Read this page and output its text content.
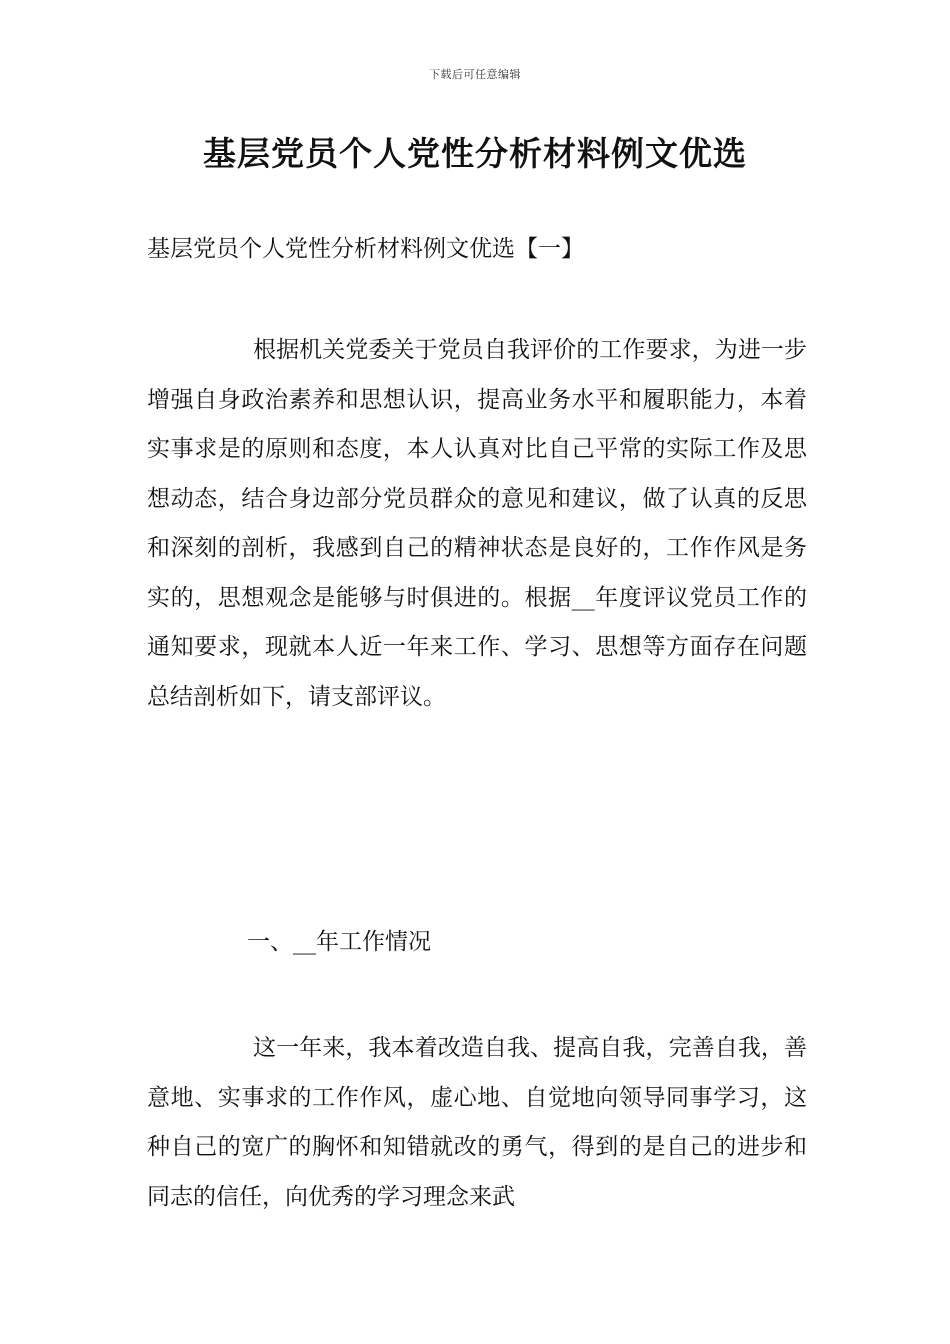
下载后可任意编辑
基层党员个人党性分析材料例文优选
基层党员个人党性分析材料例文优选【一】

根据机关党委关于党员自我评价的工作要求，为进一步增强自身政治素养和思想认识，提高业务水平和履职能力，本着实事求是的原则和态度，本人认真对比自己平常的实际工作及思想动态，结合身边部分党员群众的意见和建议，做了认真的反思和深刻的剖析，我感到自己的精神状态是良好的，工作作风是务实的，思想观念是能够与时俱进的。根据__年度评议党员工作的通知要求，现就本人近一年来工作、学习、思想等方面存在问题总结剖析如下，请支部评议。

一、__年工作情况

这一年来，我本着改造自我、提高自我，完善自我，善意地、实事求的工作作风，虚心地、自觉地向领导同事学习，这种自己的宽广的胸怀和知错就改的勇气，得到的是自己的进步和同志的信任，向优秀的学习理念来武
